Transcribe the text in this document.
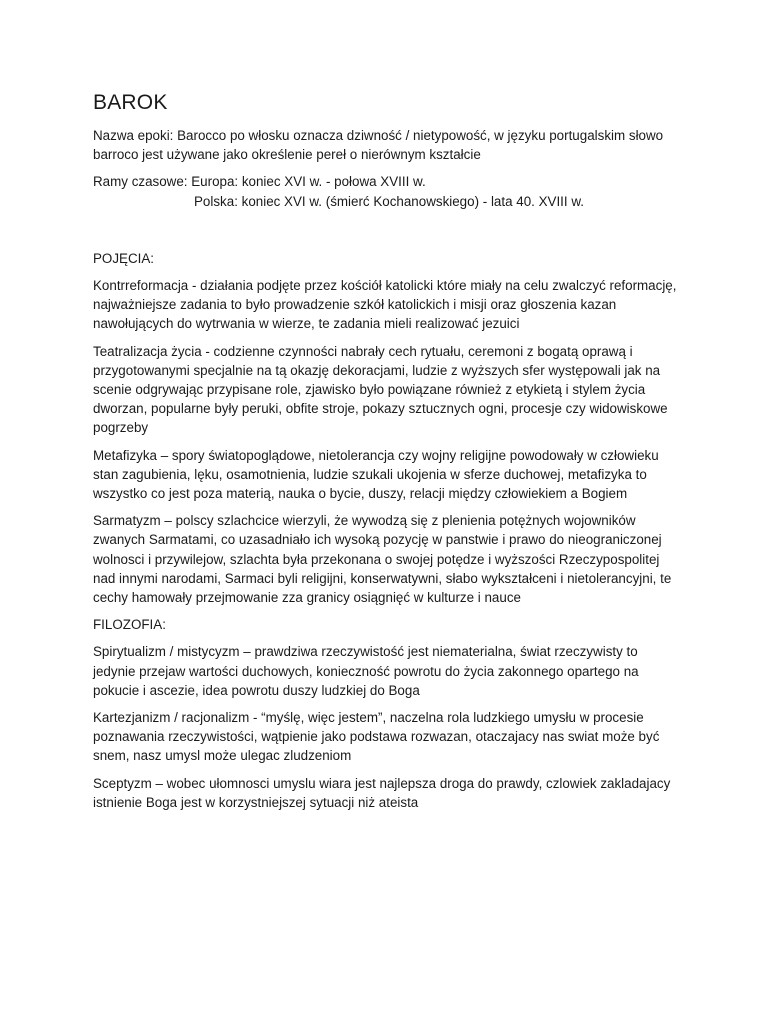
BAROK

Nazwa epoki: Barocco po włosku oznacza dziwność / nietypowość, w języku portugalskim słowo barroco jest używane jako określenie pereł o nierównym kształcie

Ramy czasowe: Europa: koniec XVI w. - połowa XVIII w.
Polska: koniec XVI w. (śmierć Kochanowskiego) - lata 40. XVIII w.

POJĘCIA:

Kontrreformacja - działania podjęte przez kościół katolicki które miały na celu zwalczyć reformację, najważniejsze zadania to było prowadzenie szkół katolickich i misji oraz głoszenia kazan nawołujących do wytrwania w wierze, te zadania mieli realizować jezuici

Teatralizacja życia - codzienne czynności nabrały cech rytuału, ceremoni z bogatą oprawą i przygotowanymi specjalnie na tą okazję dekoracjami, ludzie z wyższych sfer występowali jak na scenie odgrywając przypisane role, zjawisko było powiązane również z etykietą i stylem życia dworzan, popularne były peruki, obfite stroje, pokazy sztucznych ogni, procesje czy widowiskowe pogrzeby

Metafizyka – spory światopoglądowe, nietolerancja czy wojny religijne powodowały w człowieku stan zagubienia, lęku, osamotnienia, ludzie szukali ukojenia w sferze duchowej, metafizyka to wszystko co jest poza materią, nauka o bycie, duszy, relacji między człowiekiem a Bogiem

Sarmatyzm – polscy szlachcice wierzyli, że wywodzą się z plenienia potężnych wojowników zwanych Sarmatami, co uzasadniało ich wysoką pozycję w panstwie i prawo do nieograniczonej wolnosci i przywilejow, szlachta była przekonana o swojej potędze i wyższości Rzeczypospolitej nad innymi narodami, Sarmaci byli religijni, konserwatywni, słabo wykształceni i nietolerancyjni, te cechy hamowały przejmowanie zza granicy osiągnięć w kulturze i nauce

FILOZOFIA:

Spirytualizm / mistycyzm – prawdziwa rzeczywistość jest niematerialna, świat rzeczywisty to jedynie przejaw wartości duchowych, konieczność powrotu do życia zakonnego opartego na pokucie i ascezie, idea powrotu duszy ludzkiej do Boga

Kartezjanizm / racjonalizm - “myślę, więc jestem”, naczelna rola ludzkiego umysłu w procesie poznawania rzeczywistości, wątpienie jako podstawa rozwazan, otaczajacy nas swiat może być snem, nasz umysl może ulegac zludzeniom

Sceptyzm – wobec ułomnosci umyslu wiara jest najlepsza droga do prawdy, czlowiek zakladajacy istnienie Boga jest w korzystniejszej sytuacji niż ateista
